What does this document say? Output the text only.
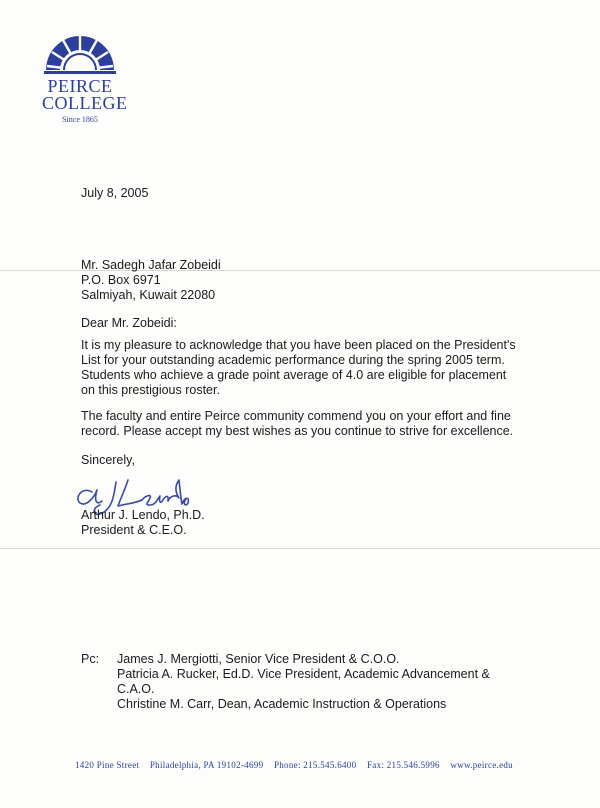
PEIRCE
COLLEGE
Since 1865
July 8, 2005
Mr. Sadegh Jafar Zobeidi
P.O. Box 6971
Salmiyah, Kuwait 22080
Dear Mr. Zobeidi:
It is my pleasure to acknowledge that you have been placed on the President's List for your outstanding academic performance during the spring 2005 term. Students who achieve a grade point average of 4.0 are eligible for placement on this prestigious roster.
The faculty and entire Peirce community commend you on your effort and fine record. Please accept my best wishes as you continue to strive for excellence.
Sincerely,
Arthur J. Lendo, Ph.D.
President & C.E.O.
Pc: James J. Mergiotti, Senior Vice President & C.O.O.
Patricia A. Rucker, Ed.D. Vice President, Academic Advancement & C.A.O.
Christine M. Carr, Dean, Academic Instruction & Operations
1420 Pine Street Philadelphia, PA 19102-4699 Phone: 215.545.6400 Fax: 215.546.5996 www.peirce.edu
